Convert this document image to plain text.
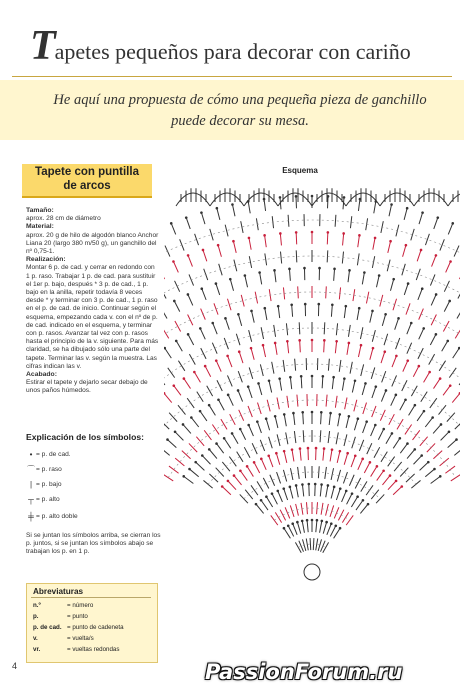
Tapetes pequeños para decorar con cariño
He aquí una propuesta de cómo una pequeña pieza de ganchillo
puede decorar su mesa.
Tapete con puntilla
de arcos

Tamaño:

aprox. 28 cm de diámetro

Material:

aprox. 20 g de hilo de algodón blanco Anchor Liana 20 (largo 380 m/50 g), un ganchillo del nº 0,75-1.

Realización:

Montar 6 p. de cad. y cerrar en redondo con 1 p. raso. Trabajar 1 p. de cad. para sustituir el 1er p. bajo, después * 3 p. de cad., 1 p. bajo en la anilla, repetir todavía 8 veces desde * y terminar con 3 p. de cad., 1 p. raso en el p. de cad. de inicio. Continuar según el esquema, empezando cada v. con el nº de p. de cad. indicado en el esquema, y terminar con p. rasos. Avanzar tal vez con p. rasos hasta el principio de la v. siguiente. Para más claridad, se ha dibujado sólo una parte del tapete. Terminar las v. según la muestra. Las cifras indican las v.

Acabado:

Estirar el tapete y dejarlo secar debajo de unos paños húmedos.

Explicación de los símbolos:
• = p. de cad.
⌒ = p. raso
| = p. bajo
┬ = p. alto
╪ = p. alto doble
Si se juntan los símbolos arriba, se cierran los p. juntos, si se juntan los símbolos abajo se trabajan los p. en 1 p.
Abreviaturas
n.º	= número
p.	= punto
p. de cad. = punto de cadeneta
v.	= vuelta/s
vr.	= vueltas redondas
4
Esquema
PassionForum.ru
